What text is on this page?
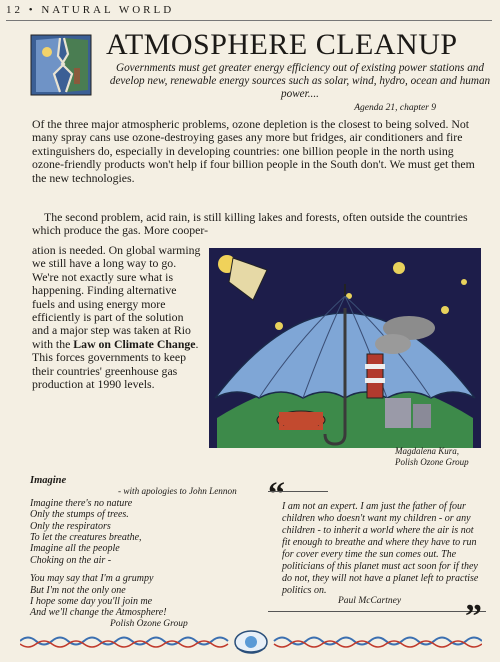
12 • NATURAL WORLD
ATMOSPHERE CLEANUP
Governments must get greater energy efficiency out of existing power stations and develop new, renewable energy sources such as solar, wind, hydro, ocean and human power....
Agenda 21, chapter 9
Of the three major atmospheric problems, ozone depletion is the closest to being solved. Not many spray cans use ozone-destroying gases any more but fridges, air conditioners and fire extinguishers do, especially in developing countries: one billion people in the north using ozone-friendly products won't help if four billion people in the South don't. We must get them the new technologies.
The second problem, acid rain, is still killing lakes and forests, often outside the countries which produce the gas. More cooper-
ation is needed. On global warming we still have a long way to go. We're not exactly sure what is happening. Finding alternative fuels and using energy more efficiently is part of the solution and a major step was taken at Rio with the Law on Climate Change. This forces governments to keep their countries' greenhouse gas production at 1990 levels.
Magdalena Kura,
Polish Ozone Group
Imagine
- with apologies to John Lennon
Imagine there's no nature
Only the stumps of trees.
Only the respirators
To let the creatures breathe,
Imagine all the people
Choking on the air -
You may say that I'm a grumpy
But I'm not the only one
I hope some day you'll join me
And we'll change the Atmosphere!
Polish Ozone Group
“
I am not an expert. I am just the father of four children who doesn't want my children - or any children - to inherit a world where the air is not fit enough to breathe and where they have to run for cover every time the sun comes out. The politicians of this planet must act soon for if they do not, they will not have a planet left to practise politics on.
Paul McCartney ”
